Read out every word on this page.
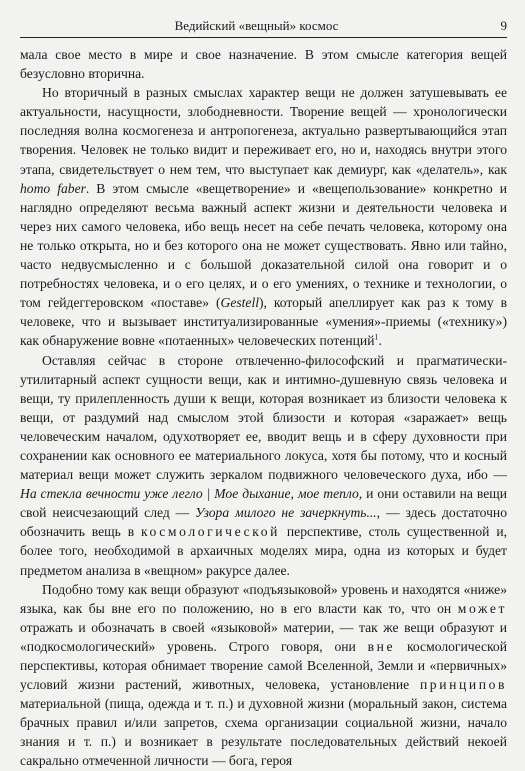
Ведийский «вещный» космос	9

мала свое место в мире и свое назначение. В этом смысле категория вещей безусловно вторична.

Но вторичный в разных смыслах характер вещи не должен затушевывать ее актуальности, насущности, злободневности. Творение вещей — хронологически последняя волна космогенеза и антропогенеза, актуально развертывающийся этап творения. Человек не только видит и переживает его, но и, находясь внутри этого этапа, свидетельствует о нем тем, что выступает как демиург, как «делатель», как homo faber. В этом смысле «вещетворение» и «вещепользование» конкретно и наглядно определяют весьма важный аспект жизни и деятельности человека и через них самого человека, ибо вещь несет на себе печать человека, которому она не только открыта, но и без которого она не может существовать. Явно или тайно, часто недвусмысленно и с большой доказательной силой она говорит и о потребностях человека, и о его целях, и о его умениях, о технике и технологии, о том гейдеггеровском «поставе» (Gestell), который апеллирует как раз к тому в человеке, что и вызывает институализированные «умения»-приемы («технику») как обнаружение вовне «потаенных» человеческих потенций$^1$.

Оставляя сейчас в стороне отвлеченно-философский и прагматически-утилитарный аспект сущности вещи, как и интимно-душевную связь человека и вещи, ту прилепленность души к вещи, которая возникает из близости человека к вещи, от раздумий над смыслом этой близости и которая «заражает» вещь человеческим началом, одухотворяет ее, вводит вещь и в сферу духовности при сохранении как основного ее материального локуса, хотя бы потому, что и косный материал вещи может служить зеркалом подвижного человеческого духа, ибо — На стекла вечности уже легло | Мое дыхание, мое тепло, и они оставили на вещи свой неисчезающий след — Узора милого не зачеркнуть..., — здесь достаточно обозначить вещь в космологической перспективе, столь существенной и, более того, необходимой в архаичных моделях мира, одна из которых и будет предметом анализа в «вещном» ракурсе далее.

Подобно тому как вещи образуют «подъязыковой» уровень и находятся «ниже» языка, как бы вне его по положению, но в его власти как то, что он может отражать и обозначать в своей «языковой» материи, — так же вещи образуют и «подкосмологический» уровень. Строго говоря, они вне космологической перспективы, которая обнимает творение самой Вселенной, Земли и «первичных» условий жизни растений, животных, человека, установление принципов материальной (пища, одежда и т. п.) и духовной жизни (моральный закон, система брачных правил и/или запретов, схема организации социальной жизни, начало знания и т. п.) и возникает в результате последовательных действий некоей сакрально отмеченной личности — бога, героя
